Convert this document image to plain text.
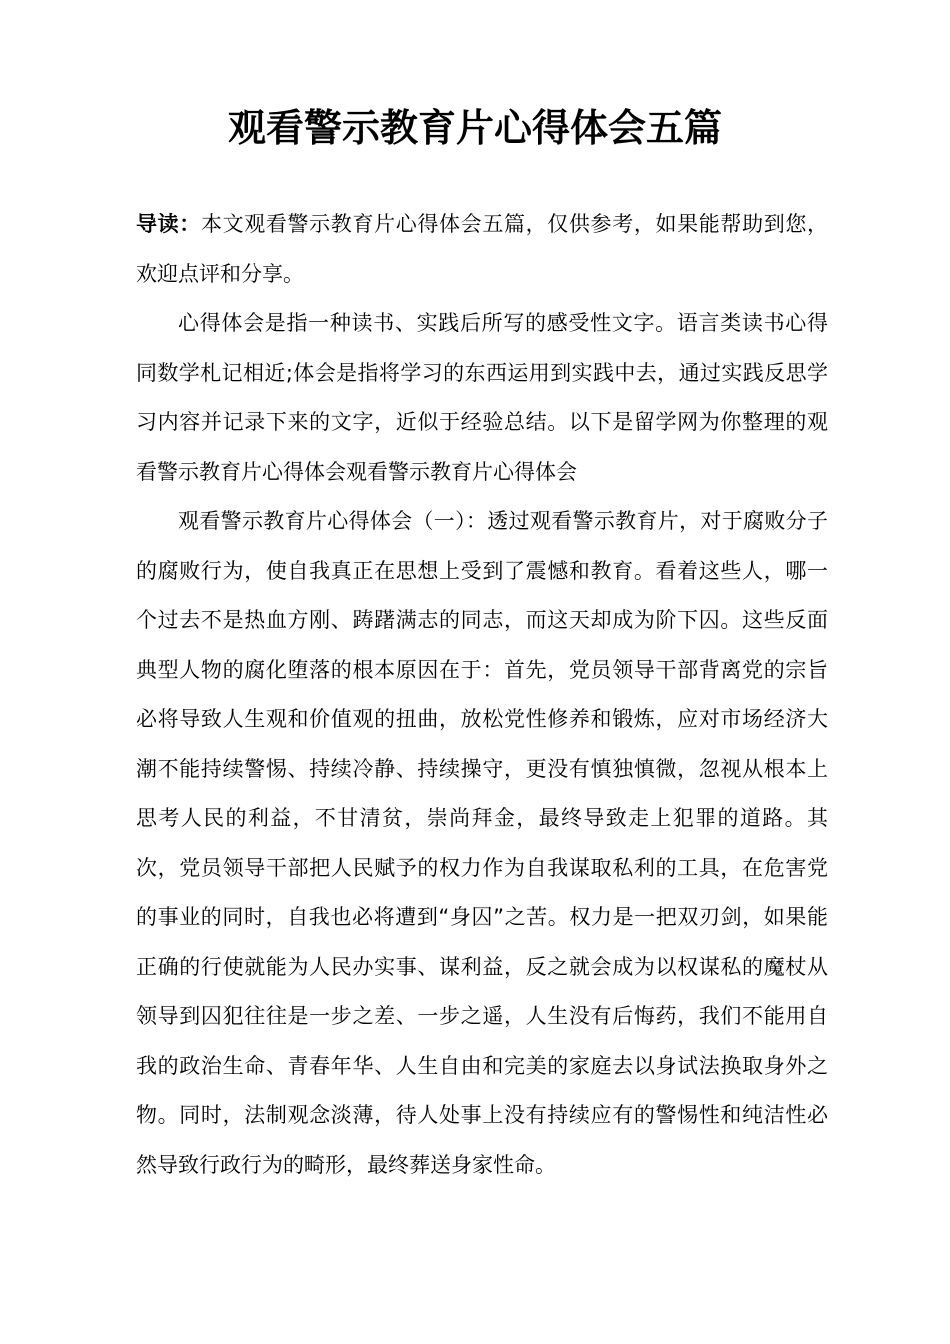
观看警示教育片心得体会五篇

导读：本文观看警示教育片心得体会五篇，仅供参考，如果能帮助到您，欢迎点评和分享。

心得体会是指一种读书、实践后所写的感受性文字。语言类读书心得同数学札记相近;体会是指将学习的东西运用到实践中去，通过实践反思学习内容并记录下来的文字，近似于经验总结。以下是留学网为你整理的观看警示教育片心得体会观看警示教育片心得体会

观看警示教育片心得体会（一）：透过观看警示教育片，对于腐败分子的腐败行为，使自我真正在思想上受到了震憾和教育。看着这些人，哪一个过去不是热血方刚、踌躇满志的同志，而这天却成为阶下囚。这些反面典型人物的腐化堕落的根本原因在于：首先，党员领导干部背离党的宗旨必将导致人生观和价值观的扭曲，放松党性修养和锻炼，应对市场经济大潮不能持续警惕、持续冷静、持续操守，更没有慎独慎微，忽视从根本上思考人民的利益，不甘清贫，崇尚拜金，最终导致走上犯罪的道路。其次，党员领导干部把人民赋予的权力作为自我谋取私利的工具，在危害党的事业的同时，自我也必将遭到“身囚”之苦。权力是一把双刃剑，如果能正确的行使就能为人民办实事、谋利益，反之就会成为以权谋私的魔杖从领导到囚犯往往是一步之差、一步之遥，人生没有后悔药，我们不能用自我的政治生命、青春年华、人生自由和完美的家庭去以身试法换取身外之物。同时，法制观念淡薄，待人处事上没有持续应有的警惕性和纯洁性必然导致行政行为的畸形，最终葬送身家性命。
